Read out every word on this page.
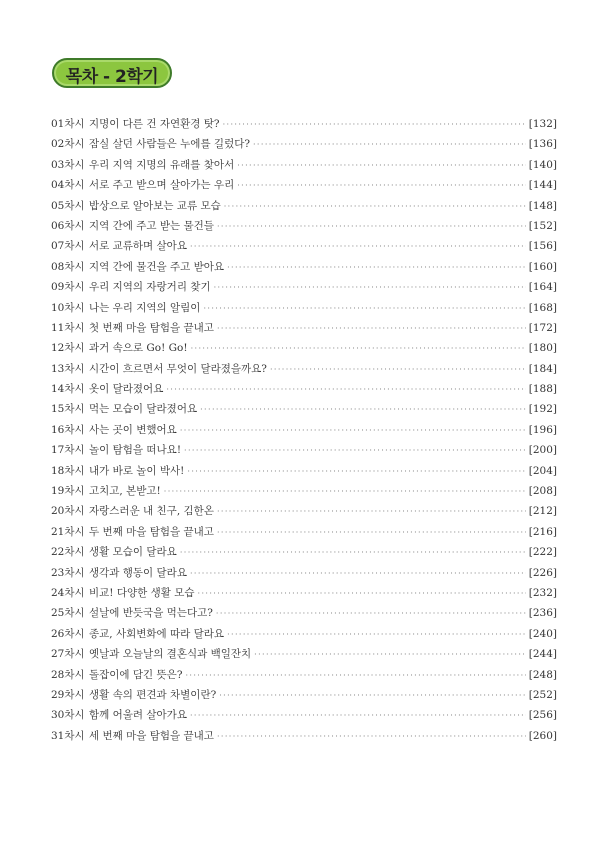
목차 - 2학기
01차시 지명이 다른 건 자연환경 탓? ·····	[132]
02차시 잠실 살던 사람들은 누에를 길렀다? ·····	[136]
03차시 우리 지역 지명의 유래를 찾아서 ·····	[140]
04차시 서로 주고 받으며 살아가는 우리 ·····	[144]
05차시 밥상으로 알아보는 교류 모습 ·····	[148]
06차시 지역 간에 주고 받는 물건들 ·····	[152]
07차시 서로 교류하며 살아요 ·····	[156]
08차시 지역 간에 물건을 주고 받아요 ·····	[160]
09차시 우리 지역의 자랑거리 찾기 ·····	[164]
10차시 나는 우리 지역의 알림이 ·····	[168]
11차시 첫 번째 마을 탐험을 끝내고 ·····	[172]
12차시 과거 속으로 Go! Go! ·····	[180]
13차시 시간이 흐르면서 무엇이 달라졌을까요? ·····	[184]
14차시 옷이 달라졌어요 ·····	[188]
15차시 먹는 모습이 달라졌어요 ·····	[192]
16차시 사는 곳이 변했어요 ·····	[196]
17차시 놀이 탐험을 떠나요! ·····	[200]
18차시 내가 바로 놀이 박사! ·····	[204]
19차시 고치고, 본받고! ·····	[208]
20차시 자랑스러운 내 친구, 김한온 ·····	[212]
21차시 두 번째 마을 탐험을 끝내고 ·····	[216]
22차시 생활 모습이 달라요 ·····	[222]
23차시 생각과 행동이 달라요 ·····	[226]
24차시 비교! 다양한 생활 모습 ·····	[232]
25차시 설날에 반듯국을 먹는다고? ·····	[236]
26차시 종교, 사회변화에 따라 달라요 ·····	[240]
27차시 옛날과 오늘날의 결혼식과 백일잔치 ·····	[244]
28차시 돌잡이에 담긴 뜻은? ·····	[248]
29차시 생활 속의 편견과 차별이란? ·····	[252]
30차시 함께 어울려 살아가요 ·····	[256]
31차시 세 번째 마을 탐험을 끝내고 ·····	[260]
